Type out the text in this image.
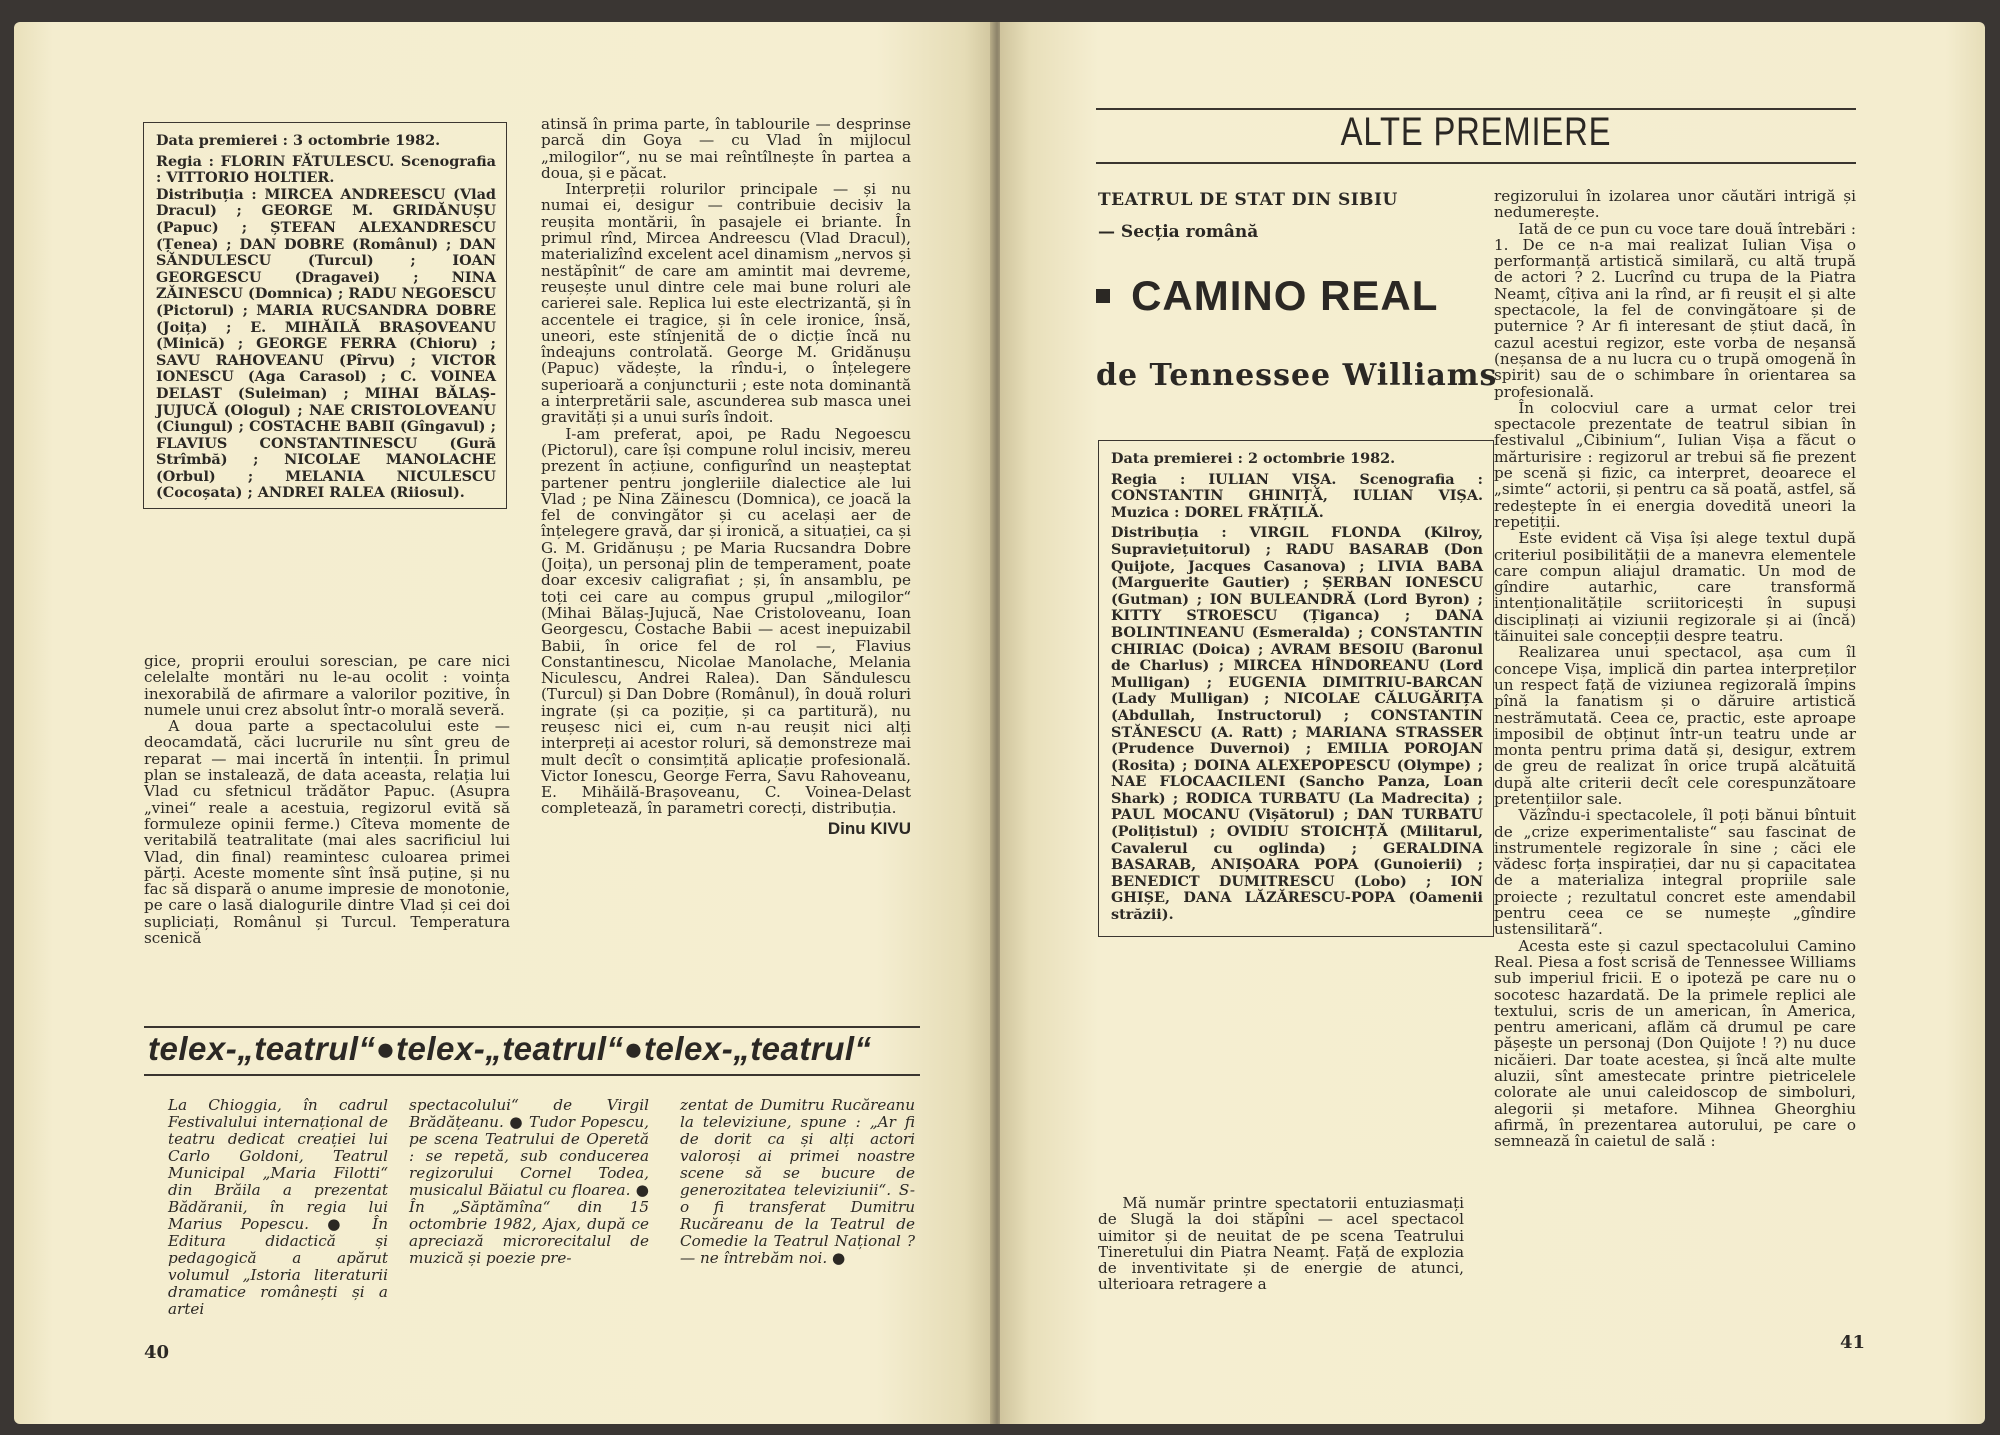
Data premierei : 3 octombrie 1982.

Regia : FLORIN FĂTULESCU. Scenografia : VITTORIO HOLTIER.

Distribuția : MIRCEA ANDREESCU (Vlad Dracul) ; GEORGE M. GRIDĂNUȘU (Papuc) ; ȘTEFAN ALEXANDRESCU (Țenea) ; DAN DOBRE (Românul) ; DAN SĂNDULESCU (Turcul) ; IOAN GEORGESCU (Dragavei) ; NINA ZĂINESCU (Domnica) ; RADU NEGOESCU (Pictorul) ; MARIA RUCSANDRA DOBRE (Joița) ; E. MIHĂILĂ BRAȘOVEANU (Minică) ; GEORGE FERRA (Chioru) ; SAVU RAHOVEANU (Pîrvu) ; VICTOR IONESCU (Aga Carasol) ; C. VOINEA DELAST (Suleiman) ; MIHAI BĂLAȘ-JUJUCĂ (Ologul) ; NAE CRISTOLOVEANU (Ciungul) ; COSTACHE BABII (Gîngavul) ; FLAVIUS CONSTANTINESCU (Gură Strîmbă) ; NICOLAE MANOLACHE (Orbul) ; MELANIA NICULESCU (Cocoșata) ; ANDREI RALEA (Riiosul).

gice, proprii eroului sorescian, pe care nici celelalte montări nu le-au ocolit : voința inexorabilă de afirmare a valorilor pozitive, în numele unui crez absolut într-o morală severă.

A doua parte a spectacolului este — deocamdată, căci lucrurile nu sînt greu de reparat — mai incertă în intenții. În primul plan se instalează, de data aceasta, relația lui Vlad cu sfetnicul trădător Papuc. (Asupra „vinei“ reale a acestuia, regizorul evită să formuleze opinii ferme.) Cîteva momente de veritabilă teatralitate (mai ales sacrificiul lui Vlad, din final) reamintesc culoarea primei părți. Aceste momente sînt însă puține, și nu fac să dispară o anume impresie de monotonie, pe care o lasă dialogurile dintre Vlad și cei doi supliciați, Românul și Turcul. Temperatura scenică

atinsă în prima parte, în tablourile — desprinse parcă din Goya — cu Vlad în mijlocul „milogilor“, nu se mai reîntîlnește în partea a doua, și e păcat.

Interpreții rolurilor principale — și nu numai ei, desigur — contribuie decisiv la reușita montării, în pasajele ei briante. În primul rînd, Mircea Andreescu (Vlad Dracul), materializînd excelent acel dinamism „nervos și nestăpînit“ de care am amintit mai devreme, reușește unul dintre cele mai bune roluri ale carierei sale. Replica lui este electrizantă, și în accentele ei tragice, și în cele ironice, însă, uneori, este stînjenită de o dicție încă nu îndeajuns controlată. George M. Gridănușu (Papuc) vădește, la rîndu-i, o înțelegere superioară a conjuncturii ; este nota dominantă a interpretării sale, ascunderea sub masca unei gravități și a unui surîs îndoit.

I-am preferat, apoi, pe Radu Negoescu (Pictorul), care își compune rolul incisiv, mereu prezent în acțiune, configurînd un neașteptat partener pentru jongleriile dialectice ale lui Vlad ; pe Nina Zăinescu (Domnica), ce joacă la fel de convingător și cu același aer de înțelegere gravă, dar și ironică, a situației, ca și G. M. Gridănușu ; pe Maria Rucsandra Dobre (Joița), un personaj plin de temperament, poate doar excesiv caligrafiat ; și, în ansamblu, pe toți cei care au compus grupul „milogilor“ (Mihai Bălaș-Jujucă, Nae Cristoloveanu, Ioan Georgescu, Costache Babii — acest inepuizabil Babii, în orice fel de rol —, Flavius Constantinescu, Nicolae Manolache, Melania Niculescu, Andrei Ralea). Dan Săndulescu (Turcul) și Dan Dobre (Românul), în două roluri ingrate (și ca poziție, și ca partitură), nu reușesc nici ei, cum n-au reușit nici alți interpreți ai acestor roluri, să demonstreze mai mult decît o consimțită aplicație profesională. Victor Ionescu, George Ferra, Savu Rahoveanu, E. Mihăilă-Brașoveanu, C. Voinea-Delast completează, în parametri corecți, distribuția.

Dinu KIVU
telex-„teatrul“●telex-„teatrul“●telex-„teatrul“
La Chioggia, în cadrul Festivalului internațional de teatru dedicat creației lui Carlo Goldoni, Teatrul Municipal „Maria Filotti“ din Brăila a prezentat Bădăranii, în regia lui Marius Popescu. ● În Editura didactică și pedagogică a apărut volumul „Istoria literaturii dramatice românești și a artei
spectacolului“ de Virgil Brădățeanu. ● Tudor Popescu, pe scena Teatrului de Operetă : se repetă, sub conducerea regizorului Cornel Todea, musicalul Băiatul cu floarea. ● În „Săptămîna“ din 15 octombrie 1982, Ajax, după ce apreciază microrecitalul de muzică și poezie pre-
zentat de Dumitru Rucăreanu la televiziune, spune : „Ar fi de dorit ca și alți actori valoroși ai primei noastre scene să se bucure de generozitatea televiziunii“. S-o fi transferat Dumitru Rucăreanu de la Teatrul de Comedie la Teatrul Național ? — ne întrebăm noi. ●
40
ALTE PREMIERE
TEATRUL DE STAT DIN SIBIU
— Secția română
CAMINO REAL
de Tennessee Williams

Data premierei : 2 octombrie 1982.

Regia : IULIAN VIȘA. Scenografia : CONSTANTIN GHINIȚĂ, IULIAN VIȘA. Muzica : DOREL FRĂȚILĂ.

Distribuția : VIRGIL FLONDA (Kilroy, Supraviețuitorul) ; RADU BASARAB (Don Quijote, Jacques Casanova) ; LIVIA BABA (Marguerite Gautier) ; ȘERBAN IONESCU (Gutman) ; ION BULEANDRĂ (Lord Byron) ; KITTY STROESCU (Țiganca) ; DANA BOLINTINEANU (Esmeralda) ; CONSTANTIN CHIRIAC (Doica) ; AVRAM BESOIU (Baronul de Charlus) ; MIRCEA HÎNDOREANU (Lord Mulligan) ; EUGENIA DIMITRIU-BARCAN (Lady Mulligan) ; NICOLAE CĂLUGĂRIȚA (Abdullah, Instructorul) ; CONSTANTIN STĂNESCU (A. Ratt) ; MARIANA STRASSER (Prudence Duvernoi) ; EMILIA POROJAN (Rosita) ; DOINA ALEXEPOPESCU (Olympe) ; NAE FLOCAACILENI (Sancho Panza, Loan Shark) ; RODICA TURBATU (La Madrecita) ; PAUL MOCANU (Vișătorul) ; DAN TURBATU (Polițistul) ; OVIDIU STOICHȚĂ (Militarul, Cavalerul cu oglinda) ; GERALDINA BASARAB, ANIȘOARA POPA (Gunoierii) ; BENEDICT DUMITRESCU (Lobo) ; ION GHIȘE, DANA LĂZĂRESCU-POPA (Oamenii străzii).

Mă număr printre spectatorii entuziasmați de Slugă la doi stăpîni — acel spectacol uimitor și de neuitat de pe scena Teatrului Tineretului din Piatra Neamț. Față de explozia de inventivitate și de energie de atunci, ulterioara retragere a

regizorului în izolarea unor căutări intrigă și nedumerește.

Iată de ce pun cu voce tare două întrebări : 1. De ce n-a mai realizat Iulian Vișa o performanță artistică similară, cu altă trupă de actori ? 2. Lucrînd cu trupa de la Piatra Neamț, cîțiva ani la rînd, ar fi reușit el și alte spectacole, la fel de convingătoare și de puternice ? Ar fi interesant de știut dacă, în cazul acestui regizor, este vorba de neșansă (neșansa de a nu lucra cu o trupă omogenă în spirit) sau de o schimbare în orientarea sa profesională.

În colocviul care a urmat celor trei spectacole prezentate de teatrul sibian în festivalul „Cibinium“, Iulian Vișa a făcut o mărturisire : regizorul ar trebui să fie prezent pe scenă și fizic, ca interpret, deoarece el „simte“ actorii, și pentru ca să poată, astfel, să redeștepte în ei energia dovedită uneori la repetiții.

Este evident că Vișa își alege textul după criteriul posibilității de a manevra elementele care compun aliajul dramatic. Un mod de gîndire autarhic, care transformă intenționalitățile scriitoricești în supuși disciplinați ai viziunii regizorale și ai (încă) tăinuitei sale concepții despre teatru.

Realizarea unui spectacol, așa cum îl concepe Vișa, implică din partea interpreților un respect față de viziunea regizorală împins pînă la fanatism și o dăruire artistică nestrămutată. Ceea ce, practic, este aproape imposibil de obținut într-un teatru unde ar monta pentru prima dată și, desigur, extrem de greu de realizat în orice trupă alcătuită după alte criterii decît cele corespunzătoare pretențiilor sale.

Văzîndu-i spectacolele, îl poți bănui bîntuit de „crize experimentaliste“ sau fascinat de instrumentele regizorale în sine ; căci ele vădesc forța inspirației, dar nu și capacitatea de a materializa integral propriile sale proiecte ; rezultatul concret este amendabil pentru ceea ce se numește „gîndire ustensilitară“.

Acesta este și cazul spectacolului Camino Real. Piesa a fost scrisă de Tennessee Williams sub imperiul fricii. E o ipoteză pe care nu o socotesc hazardată. De la primele replici ale textului, scris de un american, în America, pentru americani, aflăm că drumul pe care pășește un personaj (Don Quijote ! ?) nu duce nicăieri. Dar toate acestea, și încă alte multe aluzii, sînt amestecate printre pietricelele colorate ale unui caleidoscop de simboluri, alegorii și metafore. Mihnea Gheorghiu afirmă, în prezentarea autorului, pe care o semnează în caietul de sală :

41
